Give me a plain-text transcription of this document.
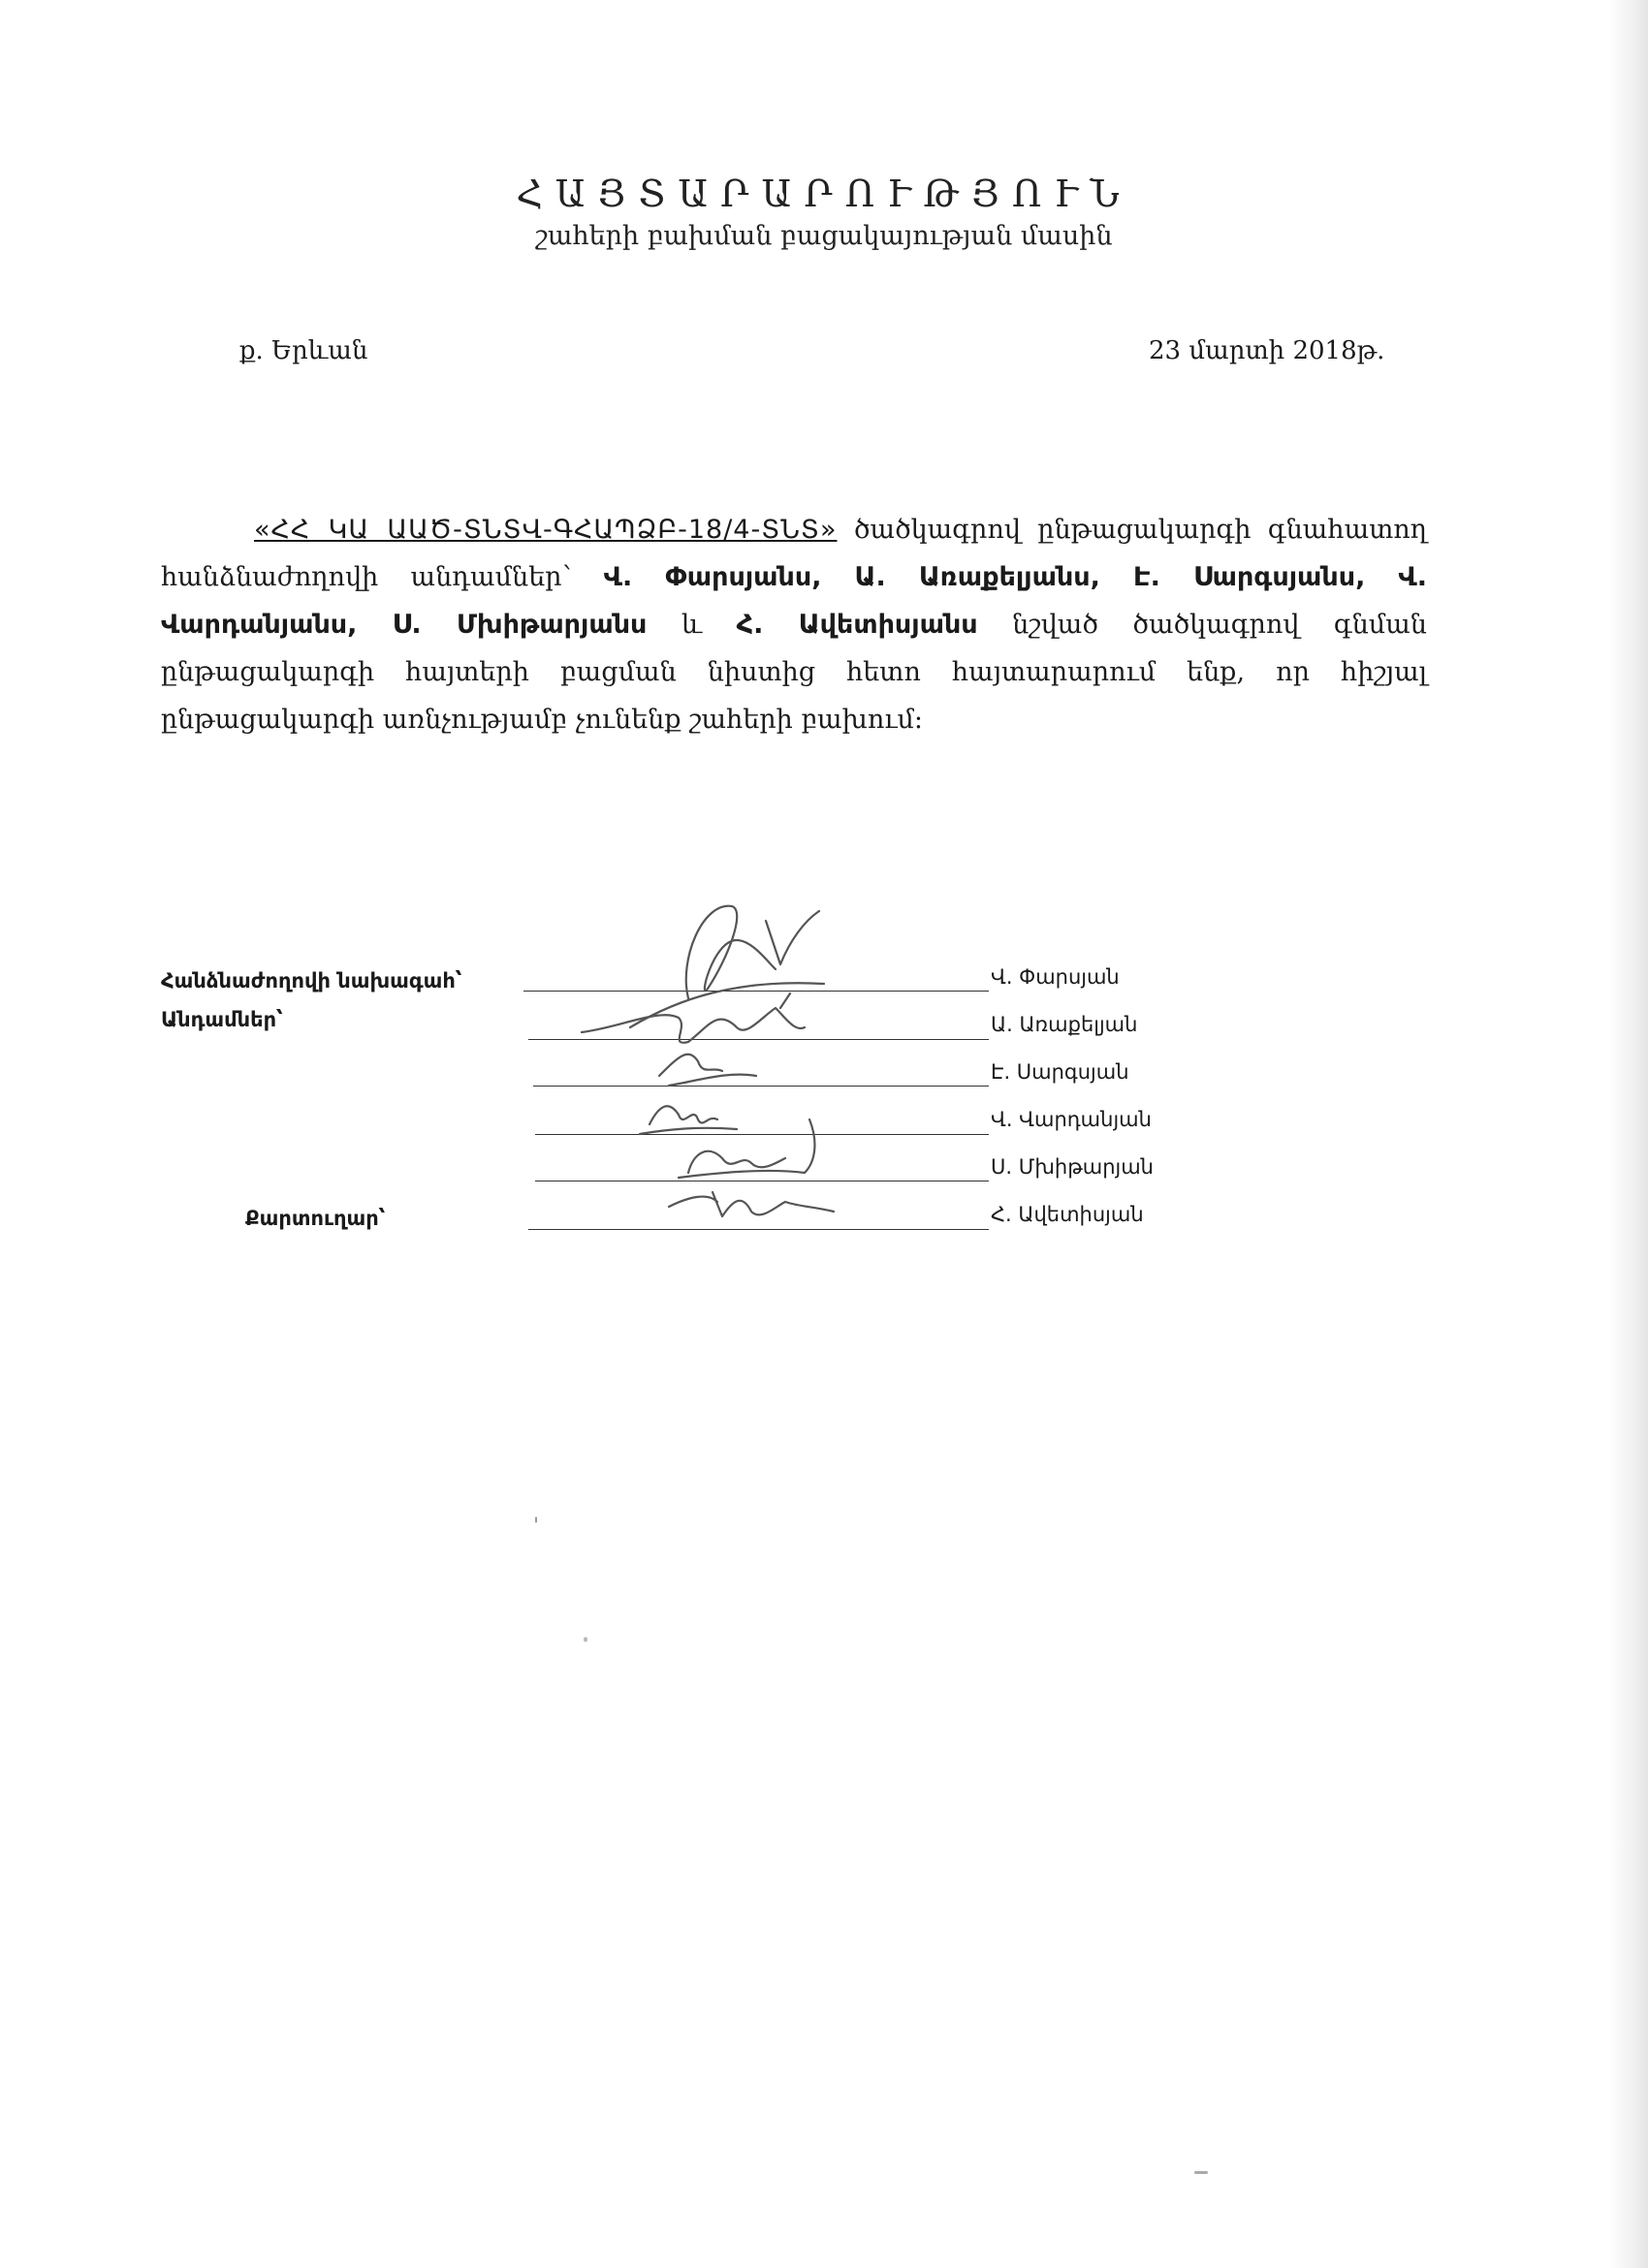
ՀԱՅՏԱՐԱՐՈՒԹՅՈՒՆ
շահերի բախման բացակայության մասին
ք. Երևան	23 մարտի 2018թ.
«ՀՀ ԿԱ ԱԱԾ-ՏՆՏՎ-ԳՀԱՊՁԲ-18/4-ՏՆՏ» ծածկագրով ընթացակարգի գնահատող հանձնաժողովի անդամներ՝ Վ. Փարսյանս, Ա. Առաքելյանս, Է. Սարգսյանս, Վ. Վարդանյանս, Ս. Մխիթարյանս և Հ. Ավետիսյանս նշված ծածկագրով գնման ընթացակարգի հայտերի բացման նիստից հետո հայտարարում ենք, որ հիշյալ ընթացակարգի առնչությամբ չունենք շահերի բախում:
Հանձնաժողովի նախագահ՝
Անդամներ՝
Քարտուղար՝
Վ. Փարսյան
Ա. Առաքելյան
Է. Սարգսյան
Վ. Վարդանյան
Ս. Մխիթարյան
Հ. Ավետիսյան
